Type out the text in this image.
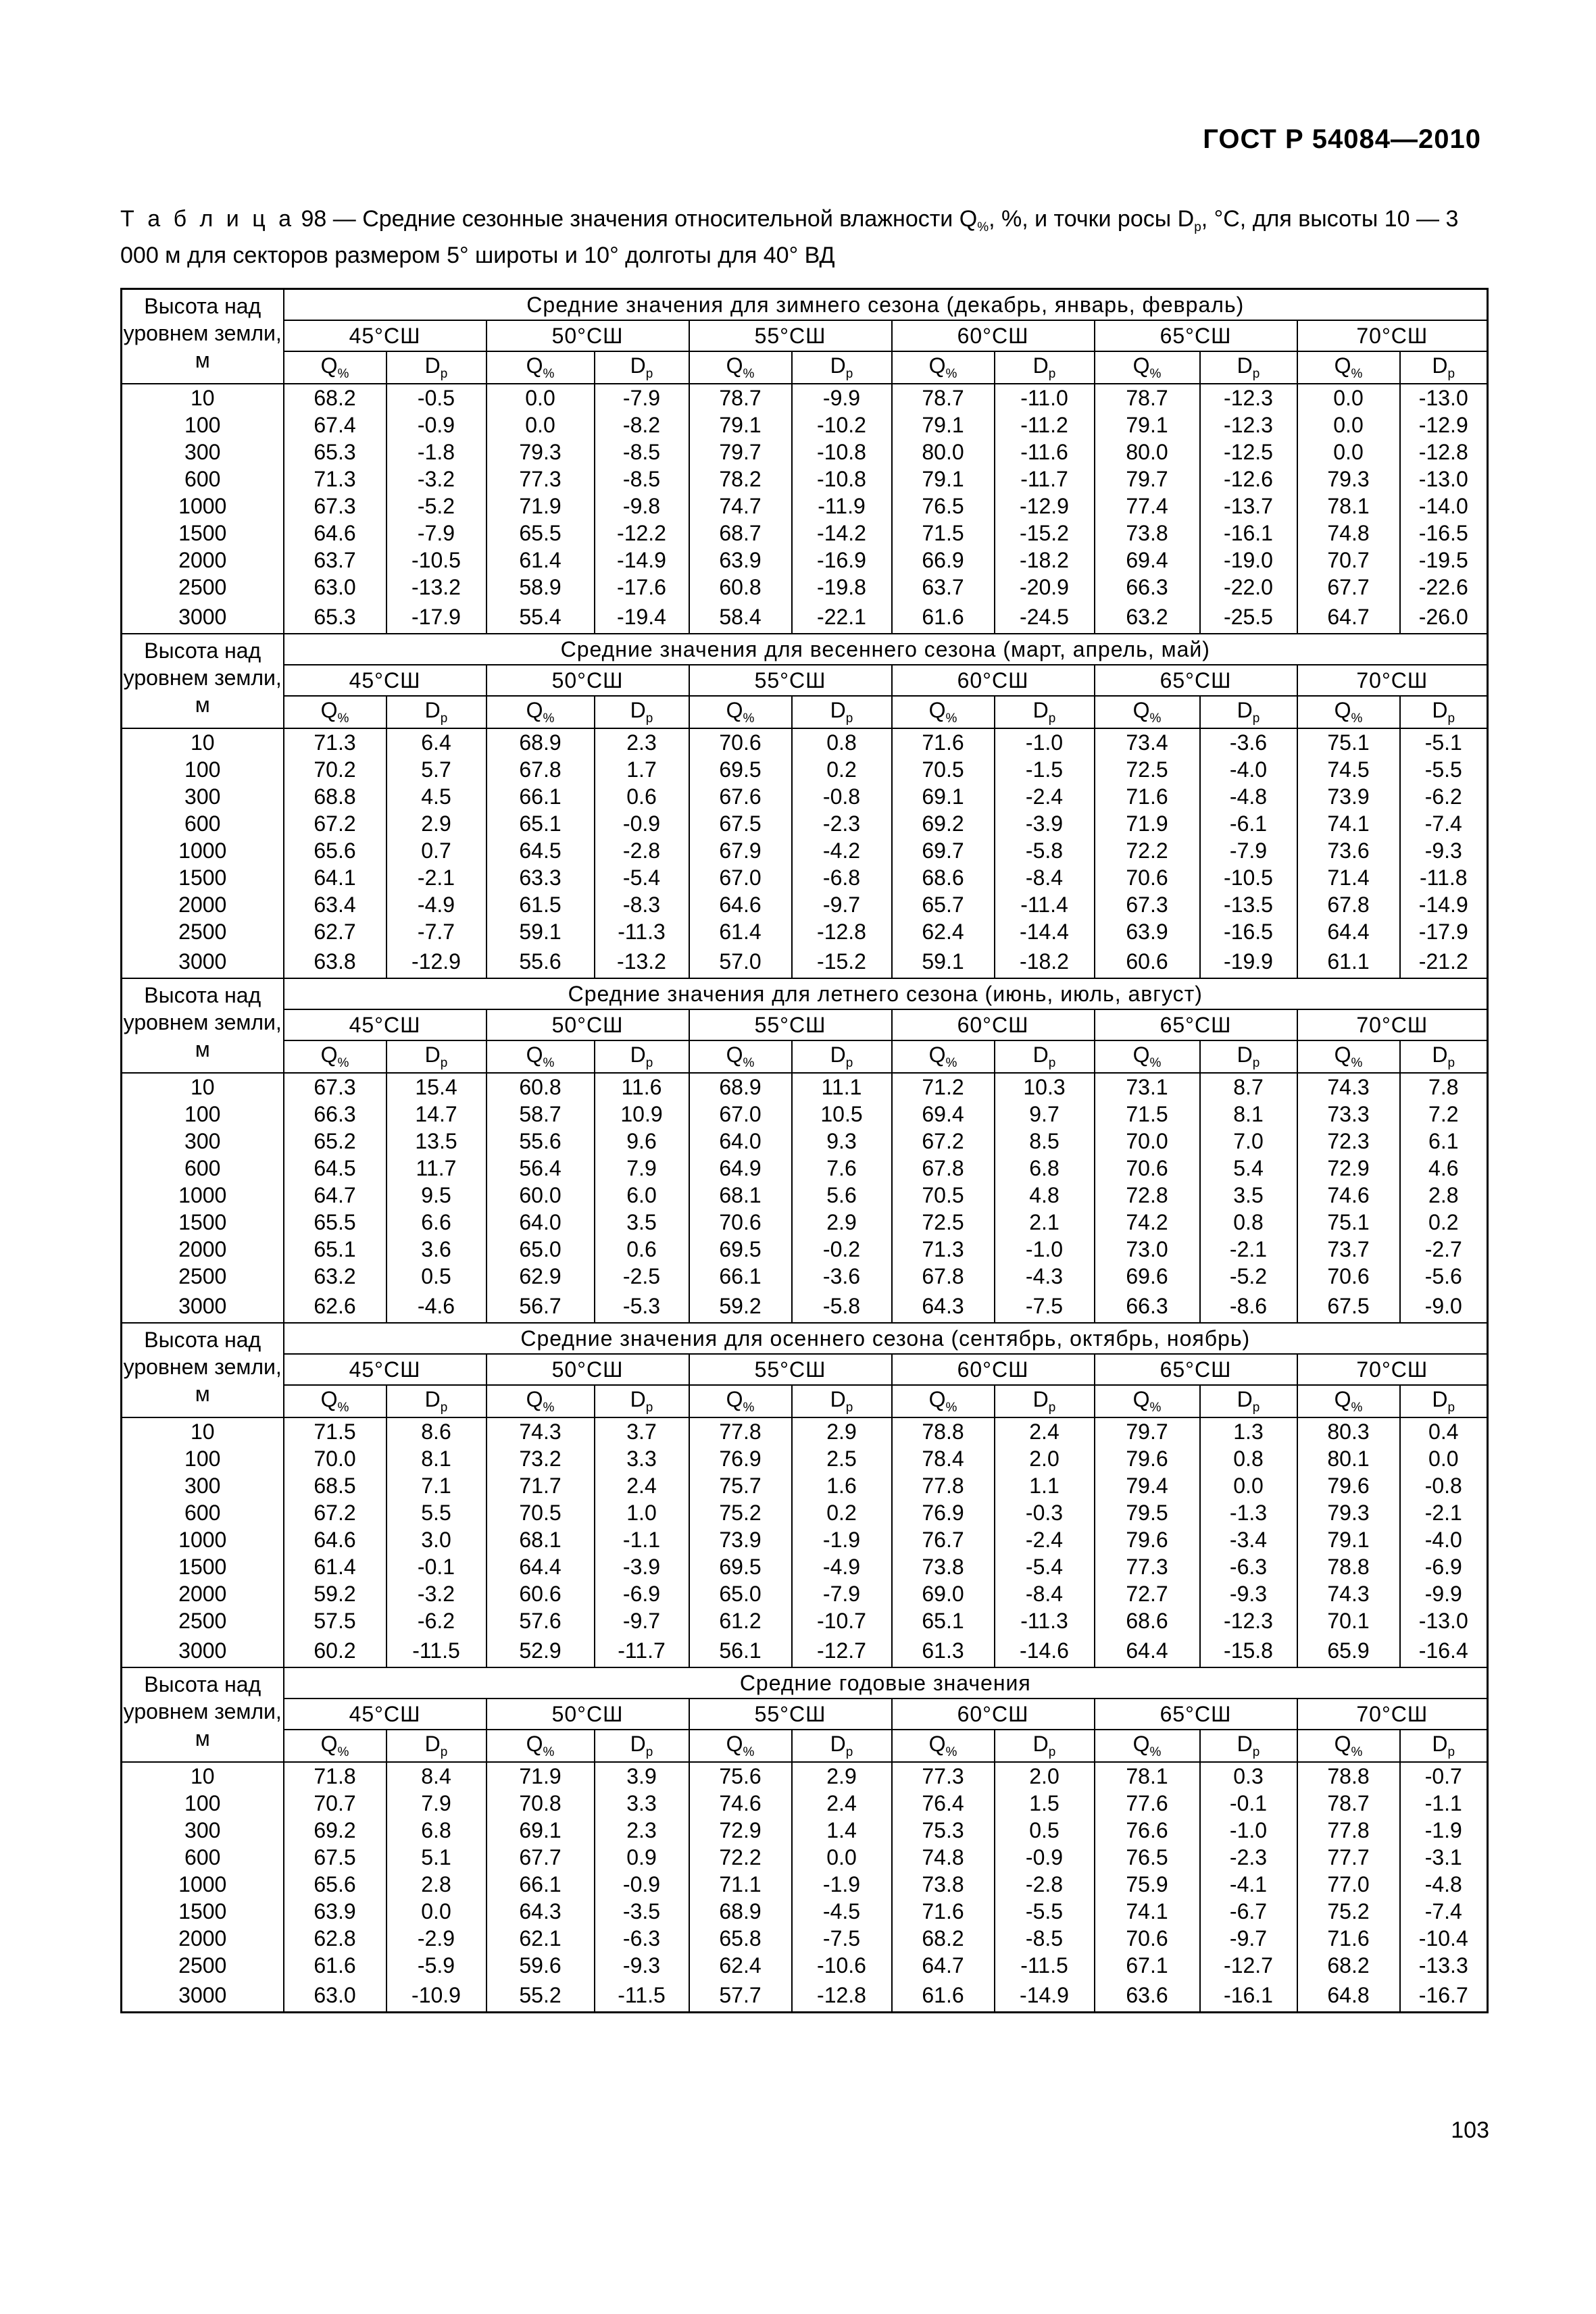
ГОСТ Р 54084—2010
Т а б л и ц а 98 — Средние сезонные значения относительной влажности $Q_{\%}$, %, и точки росы $D_p$, °С, для высоты 10 — 3 000 м для секторов размером 5° широты и 10° долготы для 40° ВД
Высота над уровнем земли, м	Средние значения для зимнего сезона (декабрь, январь, февраль)											
	45°СШ		50°СШ		55°СШ		60°СШ		65°СШ		70°СШ	
	$Q_{\%}$	$D_p$	$Q_{\%}$	$D_p$	$Q_{\%}$	$D_p$	$Q_{\%}$	$D_p$	$Q_{\%}$	$D_p$	$Q_{\%}$	$D_p$
10	68.2	-0.5	0.0	-7.9	78.7	-9.9	78.7	-11.0	78.7	-12.3	0.0	-13.0
100	67.4	-0.9	0.0	-8.2	79.1	-10.2	79.1	-11.2	79.1	-12.3	0.0	-12.9
300	65.3	-1.8	79.3	-8.5	79.7	-10.8	80.0	-11.6	80.0	-12.5	0.0	-12.8
600	71.3	-3.2	77.3	-8.5	78.2	-10.8	79.1	-11.7	79.7	-12.6	79.3	-13.0
1000	67.3	-5.2	71.9	-9.8	74.7	-11.9	76.5	-12.9	77.4	-13.7	78.1	-14.0
1500	64.6	-7.9	65.5	-12.2	68.7	-14.2	71.5	-15.2	73.8	-16.1	74.8	-16.5
2000	63.7	-10.5	61.4	-14.9	63.9	-16.9	66.9	-18.2	69.4	-19.0	70.7	-19.5
2500	63.0	-13.2	58.9	-17.6	60.8	-19.8	63.7	-20.9	66.3	-22.0	67.7	-22.6
3000	65.3	-17.9	55.4	-19.4	58.4	-22.1	61.6	-24.5	63.2	-25.5	64.7	-26.0
Высота над уровнем земли, м	Средние значения для весеннего сезона (март, апрель, май)											
	45°СШ		50°СШ		55°СШ		60°СШ		65°СШ		70°СШ	
	$Q_{\%}$	$D_p$	$Q_{\%}$	$D_p$	$Q_{\%}$	$D_p$	$Q_{\%}$	$D_p$	$Q_{\%}$	$D_p$	$Q_{\%}$	$D_p$
10	71.3	6.4	68.9	2.3	70.6	0.8	71.6	-1.0	73.4	-3.6	75.1	-5.1
100	70.2	5.7	67.8	1.7	69.5	0.2	70.5	-1.5	72.5	-4.0	74.5	-5.5
300	68.8	4.5	66.1	0.6	67.6	-0.8	69.1	-2.4	71.6	-4.8	73.9	-6.2
600	67.2	2.9	65.1	-0.9	67.5	-2.3	69.2	-3.9	71.9	-6.1	74.1	-7.4
1000	65.6	0.7	64.5	-2.8	67.9	-4.2	69.7	-5.8	72.2	-7.9	73.6	-9.3
1500	64.1	-2.1	63.3	-5.4	67.0	-6.8	68.6	-8.4	70.6	-10.5	71.4	-11.8
2000	63.4	-4.9	61.5	-8.3	64.6	-9.7	65.7	-11.4	67.3	-13.5	67.8	-14.9
2500	62.7	-7.7	59.1	-11.3	61.4	-12.8	62.4	-14.4	63.9	-16.5	64.4	-17.9
3000	63.8	-12.9	55.6	-13.2	57.0	-15.2	59.1	-18.2	60.6	-19.9	61.1	-21.2
Высота над уровнем земли, м	Средние значения для летнего сезона (июнь, июль, август)											
	45°СШ		50°СШ		55°СШ		60°СШ		65°СШ		70°СШ	
	$Q_{\%}$	$D_p$	$Q_{\%}$	$D_p$	$Q_{\%}$	$D_p$	$Q_{\%}$	$D_p$	$Q_{\%}$	$D_p$	$Q_{\%}$	$D_p$
10	67.3	15.4	60.8	11.6	68.9	11.1	71.2	10.3	73.1	8.7	74.3	7.8
100	66.3	14.7	58.7	10.9	67.0	10.5	69.4	9.7	71.5	8.1	73.3	7.2
300	65.2	13.5	55.6	9.6	64.0	9.3	67.2	8.5	70.0	7.0	72.3	6.1
600	64.5	11.7	56.4	7.9	64.9	7.6	67.8	6.8	70.6	5.4	72.9	4.6
1000	64.7	9.5	60.0	6.0	68.1	5.6	70.5	4.8	72.8	3.5	74.6	2.8
1500	65.5	6.6	64.0	3.5	70.6	2.9	72.5	2.1	74.2	0.8	75.1	0.2
2000	65.1	3.6	65.0	0.6	69.5	-0.2	71.3	-1.0	73.0	-2.1	73.7	-2.7
2500	63.2	0.5	62.9	-2.5	66.1	-3.6	67.8	-4.3	69.6	-5.2	70.6	-5.6
3000	62.6	-4.6	56.7	-5.3	59.2	-5.8	64.3	-7.5	66.3	-8.6	67.5	-9.0
Высота над уровнем земли, м	Средние значения для осеннего сезона (сентябрь, октябрь, ноябрь)											
	45°СШ		50°СШ		55°СШ		60°СШ		65°СШ		70°СШ	
	$Q_{\%}$	$D_p$	$Q_{\%}$	$D_p$	$Q_{\%}$	$D_p$	$Q_{\%}$	$D_p$	$Q_{\%}$	$D_p$	$Q_{\%}$	$D_p$
10	71.5	8.6	74.3	3.7	77.8	2.9	78.8	2.4	79.7	1.3	80.3	0.4
100	70.0	8.1	73.2	3.3	76.9	2.5	78.4	2.0	79.6	0.8	80.1	0.0
300	68.5	7.1	71.7	2.4	75.7	1.6	77.8	1.1	79.4	0.0	79.6	-0.8
600	67.2	5.5	70.5	1.0	75.2	0.2	76.9	-0.3	79.5	-1.3	79.3	-2.1
1000	64.6	3.0	68.1	-1.1	73.9	-1.9	76.7	-2.4	79.6	-3.4	79.1	-4.0
1500	61.4	-0.1	64.4	-3.9	69.5	-4.9	73.8	-5.4	77.3	-6.3	78.8	-6.9
2000	59.2	-3.2	60.6	-6.9	65.0	-7.9	69.0	-8.4	72.7	-9.3	74.3	-9.9
2500	57.5	-6.2	57.6	-9.7	61.2	-10.7	65.1	-11.3	68.6	-12.3	70.1	-13.0
3000	60.2	-11.5	52.9	-11.7	56.1	-12.7	61.3	-14.6	64.4	-15.8	65.9	-16.4
Высота над уровнем земли, м	Средние годовые значения											
	45°СШ		50°СШ		55°СШ		60°СШ		65°СШ		70°СШ	
	$Q_{\%}$	$D_p$	$Q_{\%}$	$D_p$	$Q_{\%}$	$D_p$	$Q_{\%}$	$D_p$	$Q_{\%}$	$D_p$	$Q_{\%}$	$D_p$
10	71.8	8.4	71.9	3.9	75.6	2.9	77.3	2.0	78.1	0.3	78.8	-0.7
100	70.7	7.9	70.8	3.3	74.6	2.4	76.4	1.5	77.6	-0.1	78.7	-1.1
300	69.2	6.8	69.1	2.3	72.9	1.4	75.3	0.5	76.6	-1.0	77.8	-1.9
600	67.5	5.1	67.7	0.9	72.2	0.0	74.8	-0.9	76.5	-2.3	77.7	-3.1
1000	65.6	2.8	66.1	-0.9	71.1	-1.9	73.8	-2.8	75.9	-4.1	77.0	-4.8
1500	63.9	0.0	64.3	-3.5	68.9	-4.5	71.6	-5.5	74.1	-6.7	75.2	-7.4
2000	62.8	-2.9	62.1	-6.3	65.8	-7.5	68.2	-8.5	70.6	-9.7	71.6	-10.4
2500	61.6	-5.9	59.6	-9.3	62.4	-10.6	64.7	-11.5	67.1	-12.7	68.2	-13.3
3000	63.0	-10.9	55.2	-11.5	57.7	-12.8	61.6	-14.9	63.6	-16.1	64.8	-16.7
103
